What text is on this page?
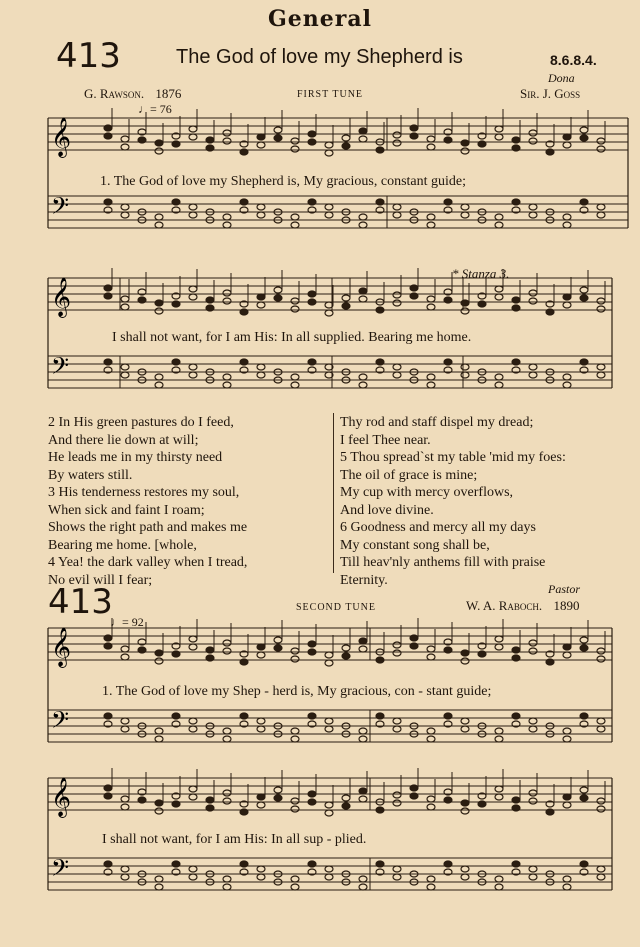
General
413	The God of love my Shepherd is	8.6.8.4.
Dona
G. Rawson. 1876	FIRST TUNE	Sir. J. Goss
♩= 76
𝄞
𝄢
𝄞
𝄢
𝄞
𝄢
𝄞
𝄢
1. The God of love my Shepherd is, My gracious, constant guide;
* Stanza 3.
I shall not want, for I am His: In all supplied. Bearing me home.
2 In His green pastures do I feed,
And there lie down at will;
He leads me in my thirsty need
By waters still.
3 His tenderness restores my soul,
When sick and faint I roam;
Shows the right path and makes me
Bearing me home. [whole,
4 Yea! the dark valley when I tread,
No evil will I fear;
Thy rod and staff dispel my dread;
I feel Thee near.
5 Thou spread`st my table 'mid my foes:
The oil of grace is mine;
My cup with mercy overflows,
And love divine.
6 Goodness and mercy all my days
My constant song shall be,
Till heav'nly anthems fill with praise
Eternity.
413	Pastor
SECOND TUNE	W. A. Raboch. 1890
♩= 92
1. The God of love my Shep - herd is, My gracious, con - stant guide;
I shall not want, for I am His: In all sup - plied.
